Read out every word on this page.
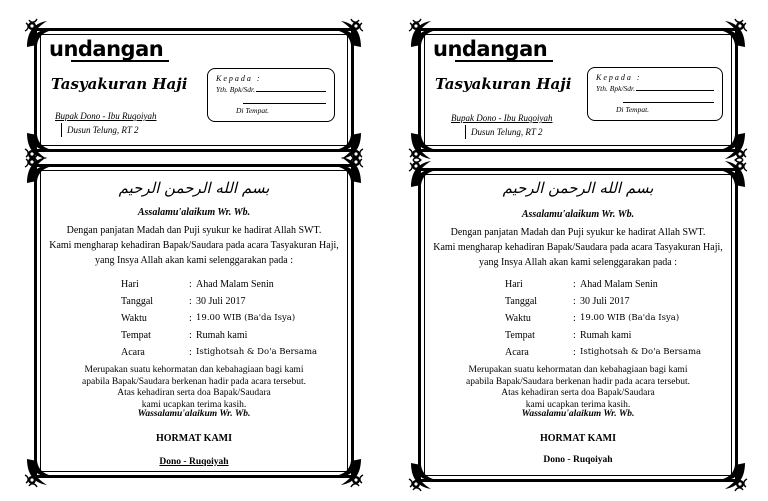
undangan
Tasyakuran Haji
Bupak Dono - Ibu Ruqoiyah
Dusun Telung, RT 2
Kepada :
Yth. Bpk/Sdr.
Di Tempat.
بسم الله الرحمن الرحيم
Assalamu'alaikum Wr. Wb.
Dengan panjatan Madah dan Puji syukur ke hadirat Allah SWT.
Kami mengharap kehadiran Bapak/Saudara pada acara Tasyakuran Haji,
yang Insya Allah akan kami selenggarakan pada :
Hari	: Ahad Malam Senin
Tanggal	: 30 Juli 2017
Waktu	: 19.00 WIB (Ba'da Isya)
Tempat	: Rumah kami
Acara	: Istighotsah & Do'a Bersama
Merupakan suatu kehormatan dan kebahagiaan bagi kami
apabila Bapak/Saudara berkenan hadir pada acara tersebut.
Atas kehadiran serta doa Bapak/Saudara
kami ucapkan terima kasih.
Wassalamu'alaikum Wr. Wb.
HORMAT KAMI
Dono - Ruqoiyah
undangan
Tasyakuran Haji
Bupak Dono - Ibu Ruqoiyah
Dusun Telung, RT 2
Kepada :
Yth. Bpk/Sdr.
Di Tempat.
بسم الله الرحمن الرحيم
Assalamu'alaikum Wr. Wb.
Dengan panjatan Madah dan Puji syukur ke hadirat Allah SWT.
Kami mengharap kehadiran Bapak/Saudara pada acara Tasyakuran Haji,
yang Insya Allah akan kami selenggarakan pada :
Hari	: Ahad Malam Senin
Tanggal	: 30 Juli 2017
Waktu	: 19.00 WIB (Ba'da Isya)
Tempat	: Rumah kami
Acara	: Istighotsah & Do'a Bersama
Merupakan suatu kehormatan dan kebahagiaan bagi kami
apabila Bapak/Saudara berkenan hadir pada acara tersebut.
Atas kehadiran serta doa Bapak/Saudara
kami ucapkan terima kasih.
Wassalamu'alaikum Wr. Wb.
HORMAT KAMI
Dono - Ruqoiyah
